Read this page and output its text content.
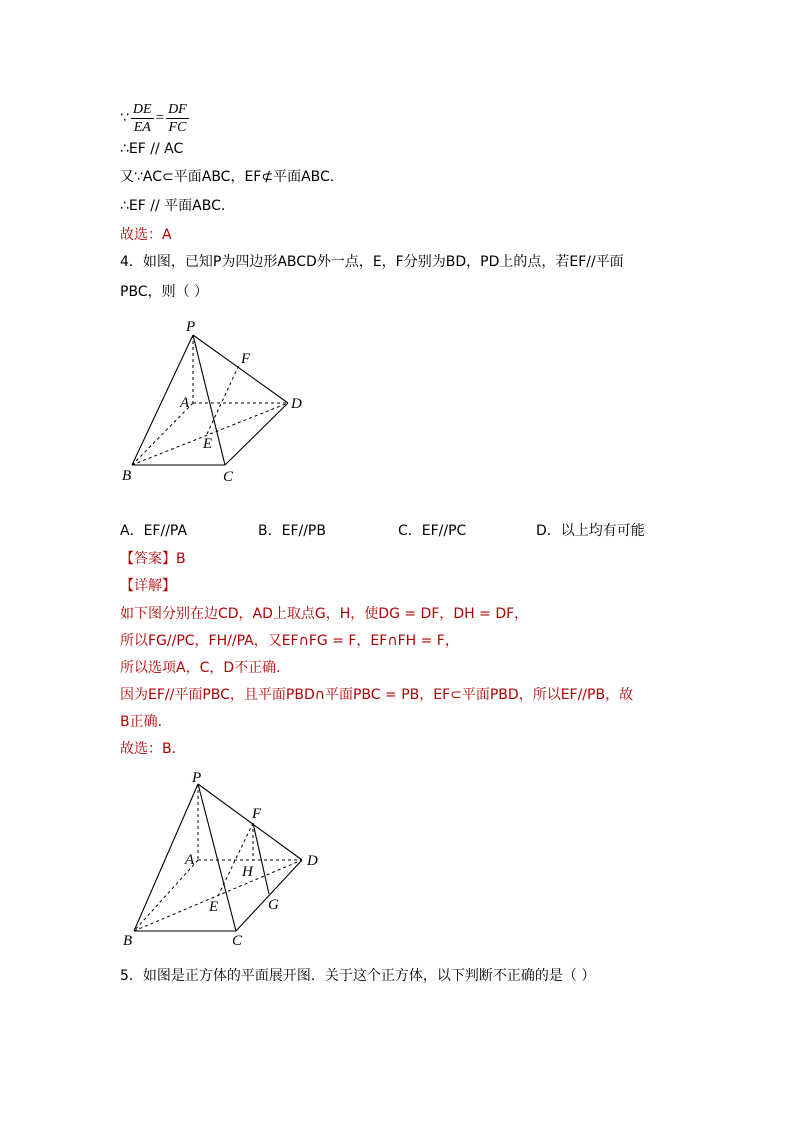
∵ $\frac{DE}{EA} = \frac{DF}{FC}$
∴EF // AC
又∵AC⊂平面ABC，EF⊄平面ABC.
∴EF // 平面ABC.
故选：A
4．如图，已知P为四边形ABCD外一点，E，F分别为BD，PD上的点，若EF//平面
PBC，则（ ）
P
F
A	D
E
B	C
A．EF//PA	B．EF//PB	C．EF//PC	D．以上均有可能
【答案】B
【详解】
如下图分别在边CD，AD上取点G，H，使DG = DF，DH = DF，
所以FG//PC，FH//PA，又EF∩FG = F，EF∩FH = F，
所以选项A，C，D不正确.
因为EF//平面PBC，且平面PBD∩平面PBC = PB，EF⊂平面PBD，所以EF//PB，故
B正确.
故选：B.
P
F
A	D
H
G
E
B	C
5．如图是正方体的平面展开图．关于这个正方体，以下判断不正确的是（ ）
